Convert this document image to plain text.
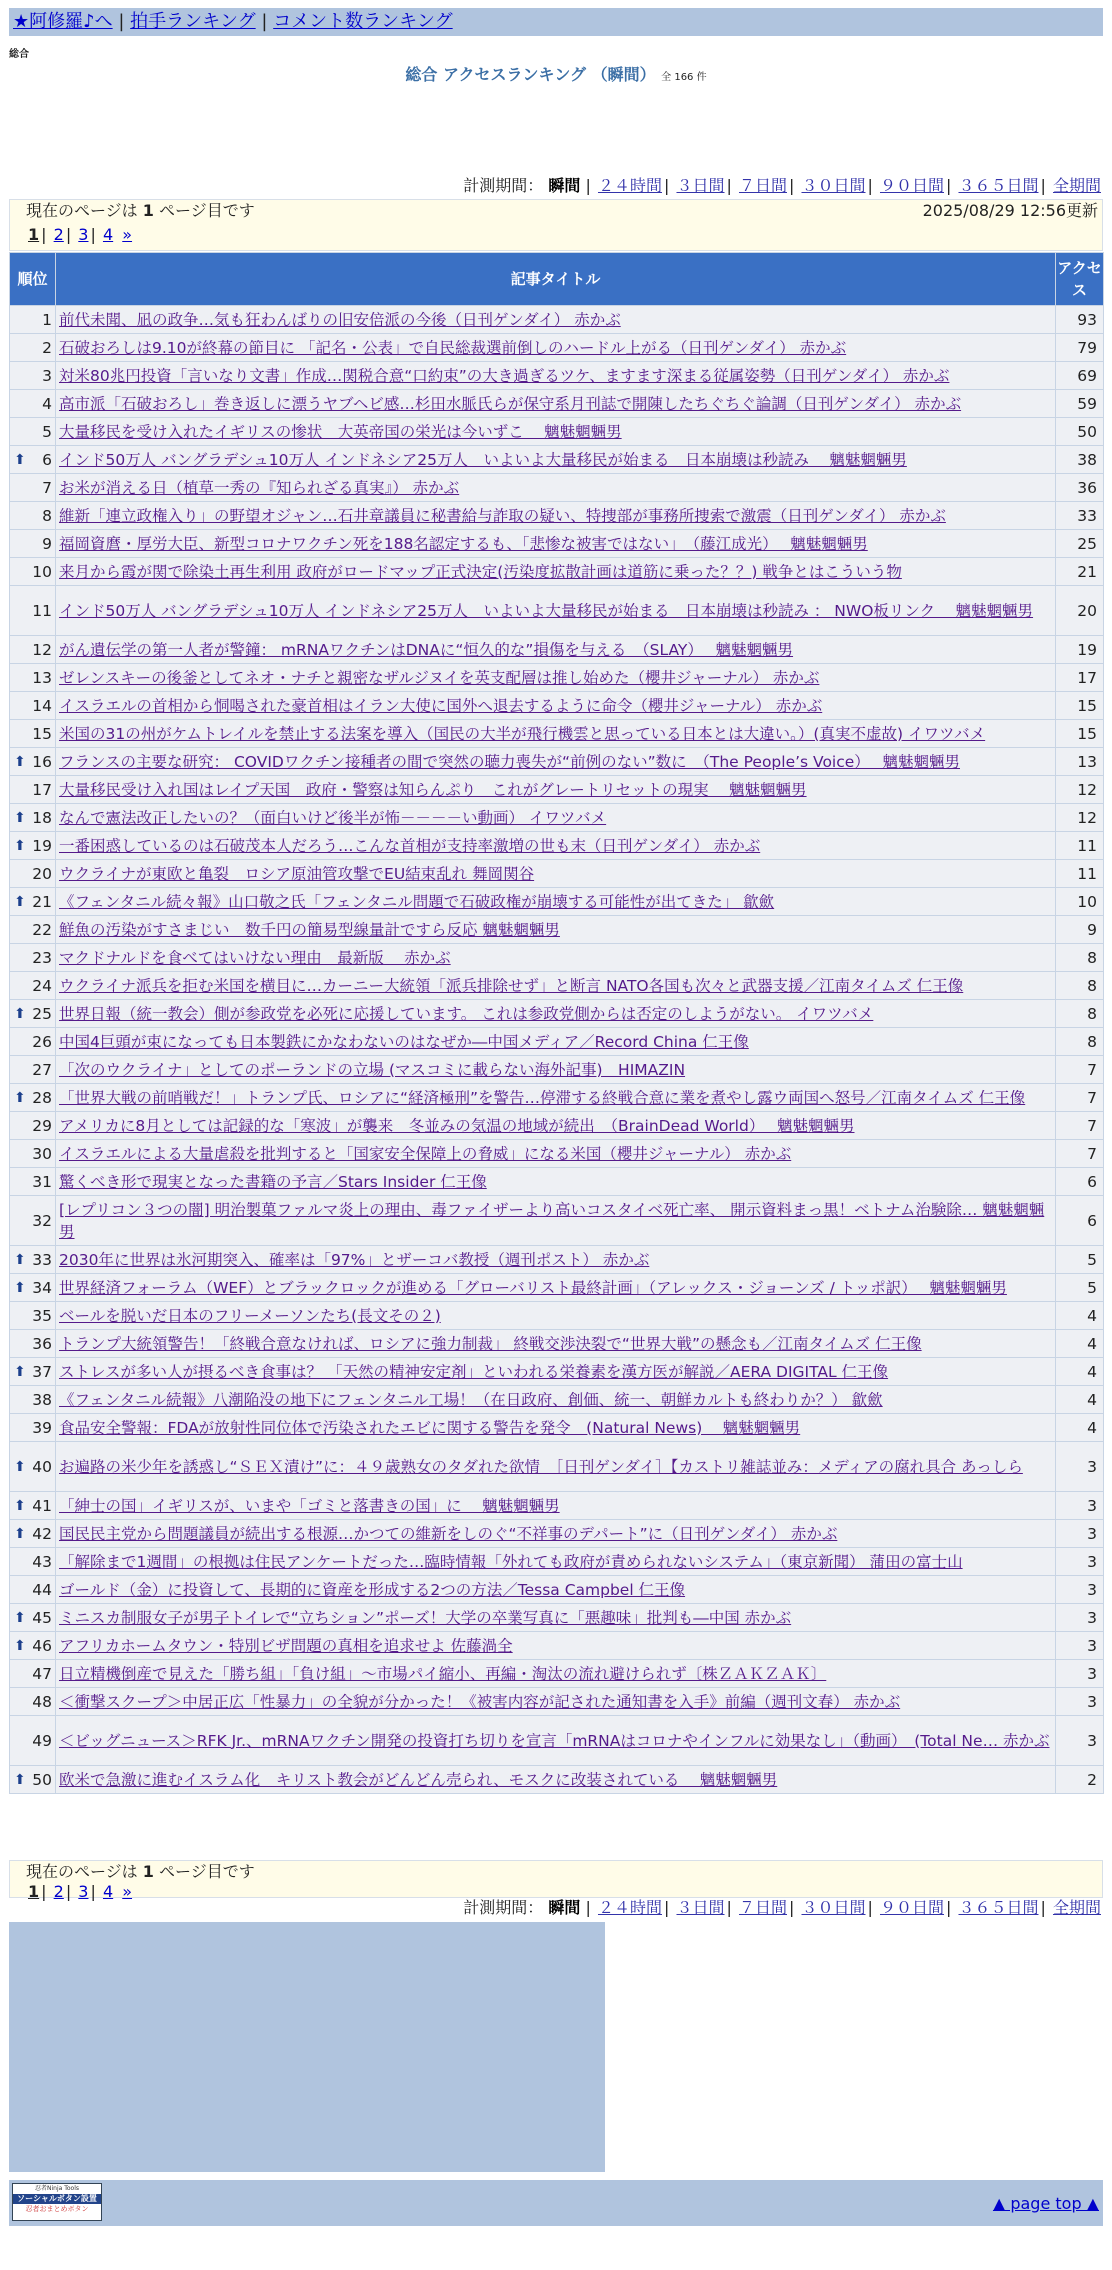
★阿修羅♪へ | 拍手ランキング | コメント数ランキング
総合
総合 アクセスランキング （瞬間） 全 166 件
計測期間： 瞬間 | ２４時間 | ３日間 | ７日間 | ３０日間 | ９０日間 | ３６５日間 | 全期間
現在のページは 1 ページ目です	2025/08/29 12:56更新
1 | 2 | 3 | 4 »
順位	記事タイトル	アクセス
1	前代未聞、凪の政争…気も狂わんばりの旧安倍派の今後（日刊ゲンダイ） 赤かぶ	93
2	石破おろしは9.10が終幕の節目に 「記名・公表」で自民総裁選前倒しのハードル上がる（日刊ゲンダイ） 赤かぶ	79
3	対米80兆円投資「言いなり文書」作成…関税合意“口約束”の大き過ぎるツケ、ますます深まる従属姿勢（日刊ゲンダイ） 赤かぶ	69
4	高市派「石破おろし」巻き返しに漂うヤブヘビ感…杉田水脈氏らが保守系月刊誌で開陳したちぐちぐ論調（日刊ゲンダイ） 赤かぶ	59
5	大量移民を受け入れたイギリスの惨状　大英帝国の栄光は今いずこ　 魑魅魍魎男	50

⬆ 6	インド50万人 バングラデシュ10万人 インドネシア25万人　いよいよ大量移民が始まる　日本崩壊は秒読み　 魑魅魍魎男	38
7	お米が消える日（植草一秀の『知られざる真実』） 赤かぶ	36
8	維新「連立政権入り」の野望オジャン…石井章議員に秘書給与詐取の疑い、特捜部が事務所捜索で激震（日刊ゲンダイ） 赤かぶ	33
9	福岡資麿・厚労大臣、新型コロナワクチン死を188名認定するも、「悲惨な被害ではない」　（藤江成光）　 魑魅魍魎男	25
10	来月から霞が関で除染土再生利用 政府がロードマップ正式決定(汚染度拡散計画は道筋に乗った？？) 戦争とはこういう物	21
11	インド50万人 バングラデシュ10万人 インドネシア25万人　いよいよ大量移民が始まる　日本崩壊は秒読み ： NWO板リンク　 魑魅魍魎男	20
12	がん遺伝学の第一人者が警鐘： mRNAワクチンはDNAに“恒久的な”損傷を与える　（SLAY）　 魑魅魍魎男	19
13	ゼレンスキーの後釜としてネオ・ナチと親密なザルジヌイを英支配層は推し始めた（櫻井ジャーナル） 赤かぶ	17
14	イスラエルの首相から恫喝された豪首相はイラン大使に国外へ退去するように命令（櫻井ジャーナル） 赤かぶ	15
15	米国の31の州がケムトレイルを禁止する法案を導入（国民の大半が飛行機雲と思っている日本とは大違い。）(真実不虚故) イワツバメ	15

⬆ 16	フランスの主要な研究： COVIDワクチン接種者の間で突然の聴力喪失が“前例のない”数に　（The People’s Voice）　 魑魅魍魎男	13
17	大量移民受け入れ国はレイプ天国　政府・警察は知らんぷり　これがグレートリセットの現実　 魑魅魍魎男	12

⬆ 18	なんで憲法改正したいの？（面白いけど後半が怖－－－－い動画） イワツバメ	12

⬆ 19	一番困惑しているのは石破茂本人だろう…こんな首相が支持率激増の世も末（日刊ゲンダイ） 赤かぶ	11
20	ウクライナが東欧と亀裂　ロシア原油管攻撃でEU結束乱れ 舞岡関谷	11

⬆ 21	《フェンタニル続々報》山口敬之氏「フェンタニル問題で石破政権が崩壊する可能性が出てきた」 歙歛	10
22	鮮魚の汚染がすさまじい　数千円の簡易型線量計ですら反応 魑魅魍魎男	9
23	マクドナルドを食べてはいけない理由　最新版　 赤かぶ	8
24	ウクライナ派兵を拒む米国を横目に…カーニー大統領「派兵排除せず」と断言 NATO各国も次々と武器支援／江南タイムズ 仁王像	8

⬆ 25	世界日報（統一教会）側が参政党を必死に応援しています。 これは参政党側からは否定のしようがない。 イワツバメ	8
26	中国4巨頭が束になっても日本製鉄にかなわないのはなぜか―中国メディア／Record China 仁王像	8
27	「次のウクライナ」としてのポーランドの立場 (マスコミに載らない海外記事)　HIMAZIN	7

⬆ 28	「世界大戦の前哨戦だ！」トランプ氏、ロシアに“経済極刑”を警告…停滞する終戦合意に業を煮やし露ウ両国へ怒号／江南タイムズ 仁王像	7
29	アメリカに8月としては記録的な「寒波」が襲来　冬並みの気温の地域が続出　（BrainDead World）　 魑魅魍魎男	7
30	イスラエルによる大量虐殺を批判すると「国家安全保障上の脅威」になる米国（櫻井ジャーナル） 赤かぶ	7
31	驚くべき形で現実となった書籍の予言／Stars Insider 仁王像	6
32	[レプリコン３つの闇] 明治製菓ファルマ炎上の理由、毒ファイザーより高いコスタイベ死亡率、 開示資料まっ黒！ベトナム治験除… 魑魅魍魎男	6

⬆ 33	2030年に世界は氷河期突入、確率は「97%」とザーコバ教授（週刊ポスト） 赤かぶ	5

⬆ 34	世界経済フォーラム（WEF）とブラックロックが進める「グローバリスト最終計画」（アレックス・ジョーンズ / トッポ訳）　 魑魅魍魎男	5
35	ベールを脱いだ日本のフリーメーソンたち(長文その２)	4
36	トランプ大統領警告！「終戦合意なければ、ロシアに強力制裁」 終戦交渉決裂で“世界大戦”の懸念も／江南タイムズ 仁王像	4

⬆ 37	ストレスが多い人が摂るべき食事は？ 「天然の精神安定剤」といわれる栄養素を漢方医が解説／AERA DIGITAL 仁王像	4
38	《フェンタニル続報》八潮陥没の地下にフェンタニル工場！（在日政府、創価、統一、朝鮮カルトも終わりか？） 歙歛	4
39	食品安全警報：FDAが放射性同位体で汚染されたエビに関する警告を発令　(Natural News)　 魑魅魍魎男	4

⬆ 40	お遍路の米少年を誘惑し“ＳＥＸ漬け”に：４９歳熟女のタダれた欲情　［日刊ゲンダイ］【カストリ雑誌並み：メディアの腐れ具合 あっしら	3

⬆ 41	「紳士の国」イギリスが、いまや「ゴミと落書きの国」に　 魑魅魍魎男	3

⬆ 42	国民民主党から問題議員が続出する根源…かつての維新をしのぐ“不祥事のデパート”に（日刊ゲンダイ） 赤かぶ	3
43	「解除まで1週間」の根拠は住民アンケートだった…臨時情報「外れても政府が責められないシステム」（東京新聞） 蒲田の富士山	3
44	ゴールド（金）に投資して、長期的に資産を形成する2つの方法／Tessa Campbel 仁王像	3

⬆ 45	ミニスカ制服女子が男子トイレで“立ちション”ポーズ！大学の卒業写真に「悪趣味」批判も―中国 赤かぶ	3

⬆ 46	アフリカホームタウン・特別ビザ問題の真相を追求せよ 佐藤渦全	3
47	日立精機倒産で見えた「勝ち組」「負け組」～市場パイ縮小、再編・淘汰の流れ避けられず〔株ＺＡＫＺＡＫ〕	3
48	＜衝撃スクープ＞中居正広「性暴力」の全貌が分かった！《被害内容が記された通知書を入手》前編（週刊文春） 赤かぶ	3
49	＜ビッグニュース＞RFK Jr.、mRNAワクチン開発の投資打ち切りを宣言「mRNAはコロナやインフルに効果なし」（動画）　(Total Ne… 赤かぶ	3

⬆ 50	欧米で急激に進むイスラム化　キリスト教会がどんどん売られ、モスクに改装されている　 魑魅魍魎男	2
現在のページは 1 ページ目です
1 | 2 | 3 | 4 »
計測期間： 瞬間 | ２４時間 | ３日間 | ７日間 | ３０日間 | ９０日間 | ３６５日間 | 全期間
忍者Ninja Tools
ソーシャルボタン設置
忍者おまとめボタン	▲ page top ▲
